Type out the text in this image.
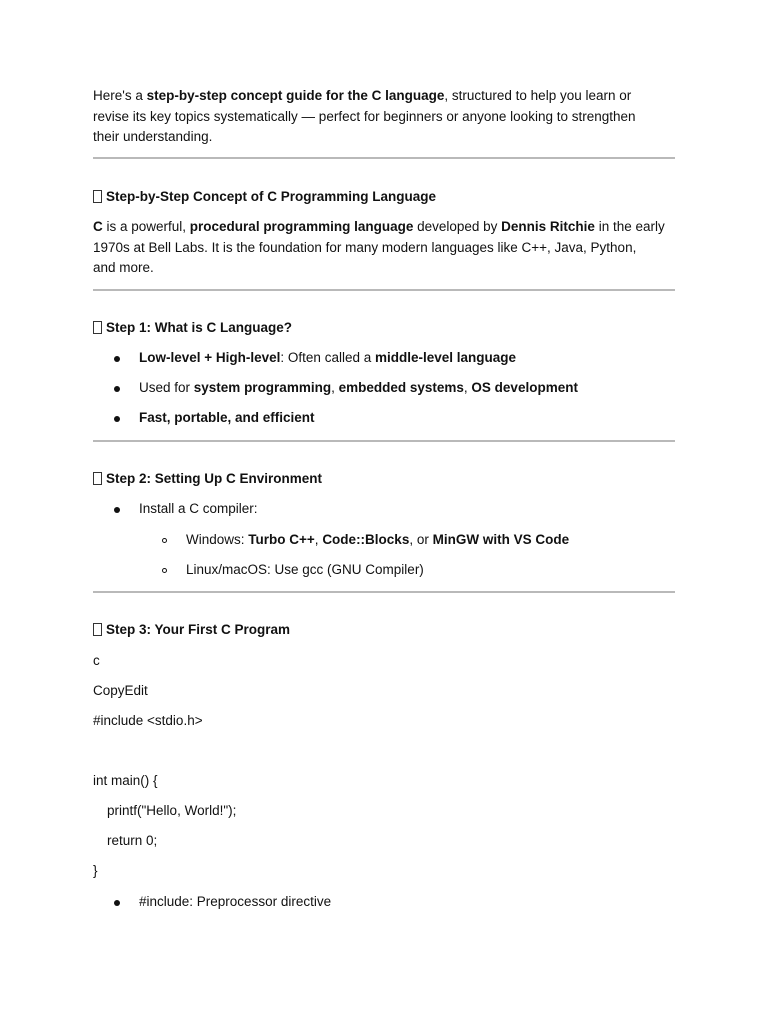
Here's a step-by-step concept guide for the C language, structured to help you learn or
revise its key topics systematically — perfect for beginners or anyone looking to strengthen
their understanding.
Step-by-Step Concept of C Programming Language
C is a powerful, procedural programming language developed by Dennis Ritchie in the early
1970s at Bell Labs. It is the foundation for many modern languages like C++, Java, Python,
and more.
Step 1: What is C Language?
Low-level + High-level: Often called a middle-level language
Used for system programming, embedded systems, OS development
Fast, portable, and efficient
Step 2: Setting Up C Environment
Install a C compiler:
Windows: Turbo C++, Code::Blocks, or MinGW with VS Code
Linux/macOS: Use gcc (GNU Compiler)
Step 3: Your First C Program
c
CopyEdit
#include <stdio.h>
int main() {
printf("Hello, World!");
return 0;
}
#include: Preprocessor directive
